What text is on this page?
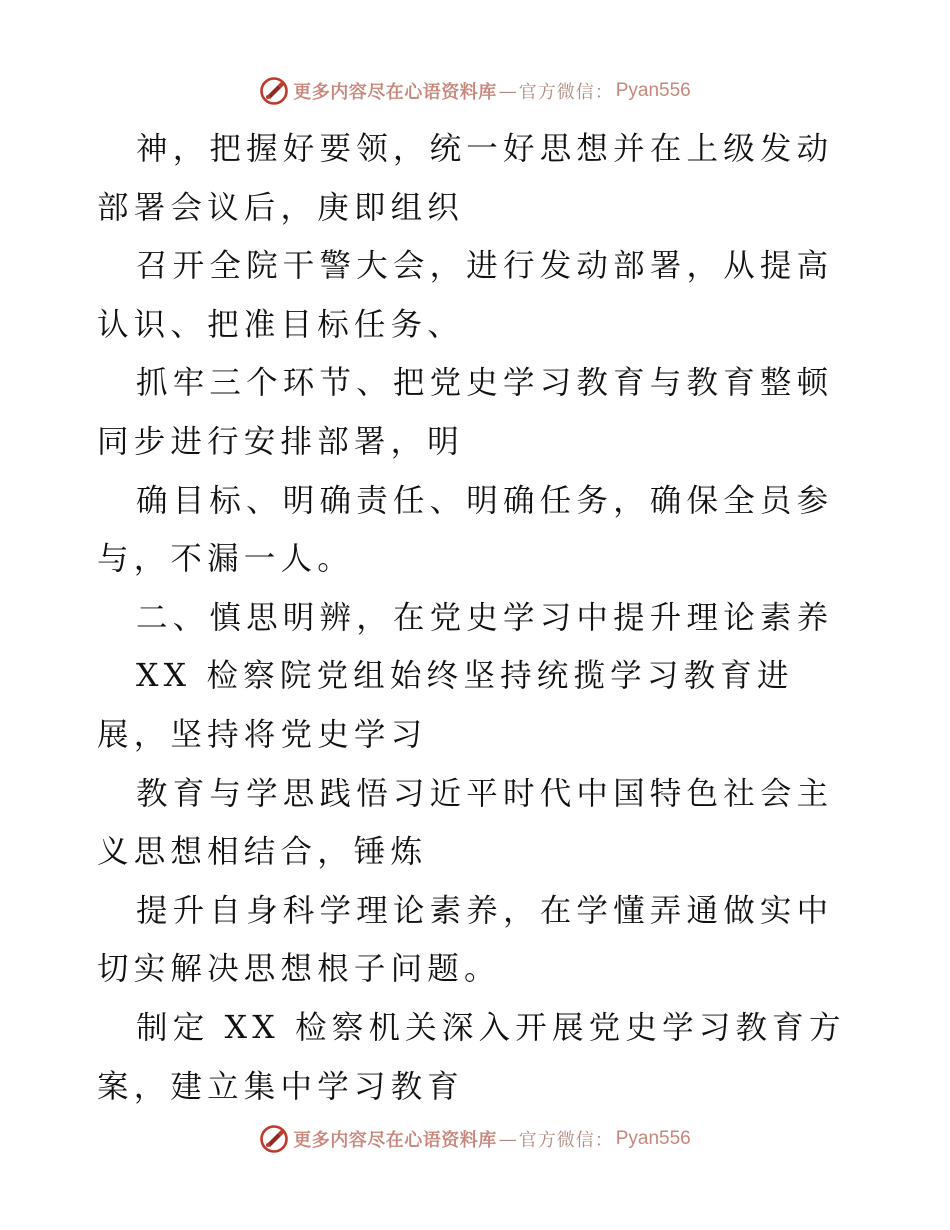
更多内容尽在心语资料库 — 官方微信： Pyan556

神，把握好要领，统一好思想并在上级发动部署会议后，庚即组织

召开全院干警大会，进行发动部署，从提高认识、把准目标任务、

抓牢三个环节、把党史学习教育与教育整顿同步进行安排部署，明

确目标、明确责任、明确任务，确保全员参与，不漏一人。

二、慎思明辨，在党史学习中提升理论素养

XX 检察院党组始终坚持统揽学习教育进展，坚持将党史学习

教育与学思践悟习近平时代中国特色社会主义思想相结合，锤炼

提升自身科学理论素养，在学懂弄通做实中切实解决思想根子问题。

制定 XX 检察机关深入开展党史学习教育方案，建立集中学习教育

更多内容尽在心语资料库 — 官方微信： Pyan556
